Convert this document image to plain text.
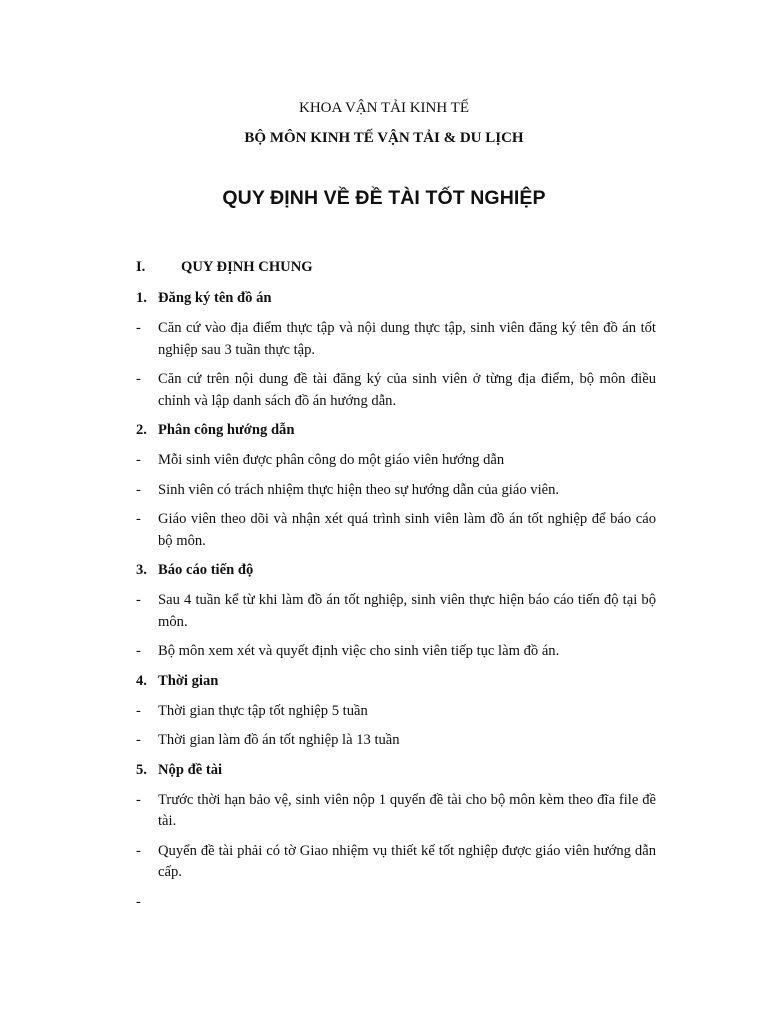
KHOA VẬN TẢI KINH TẾ
BỘ MÔN KINH TẾ VẬN TẢI & DU LỊCH
QUY ĐỊNH VỀ ĐỀ TÀI TỐT NGHIỆP
I. QUY ĐỊNH CHUNG
1. Đăng ký tên đồ án
- Căn cứ vào địa điểm thực tập và nội dung thực tập, sinh viên đăng ký tên đồ án tốt nghiệp sau 3 tuần thực tập.
- Căn cứ trên nội dung đề tài đăng ký của sinh viên ở từng địa điểm, bộ môn điều chỉnh và lập danh sách đồ án hướng dẫn.
2. Phân công hướng dẫn
- Mỗi sinh viên được phân công do một giáo viên hướng dẫn
- Sinh viên có trách nhiệm thực hiện theo sự hướng dẫn của giáo viên.
- Giáo viên theo dõi và nhận xét quá trình sinh viên làm đồ án tốt nghiệp để báo cáo bộ môn.
3. Báo cáo tiến độ
- Sau 4 tuần kể từ khi làm đồ án tốt nghiệp, sinh viên thực hiện báo cáo tiến độ tại bộ môn.
- Bộ môn xem xét và quyết định việc cho sinh viên tiếp tục làm đồ án.
4. Thời gian
- Thời gian thực tập tốt nghiệp 5 tuần
- Thời gian làm đồ án tốt nghiệp là 13 tuần
5. Nộp đề tài
- Trước thời hạn bảo vệ, sinh viên nộp 1 quyển đề tài cho bộ môn kèm theo đĩa file đề tài.
- Quyển đề tài phải có tờ Giao nhiệm vụ thiết kế tốt nghiệp được giáo viên hướng dẫn cấp.
-
